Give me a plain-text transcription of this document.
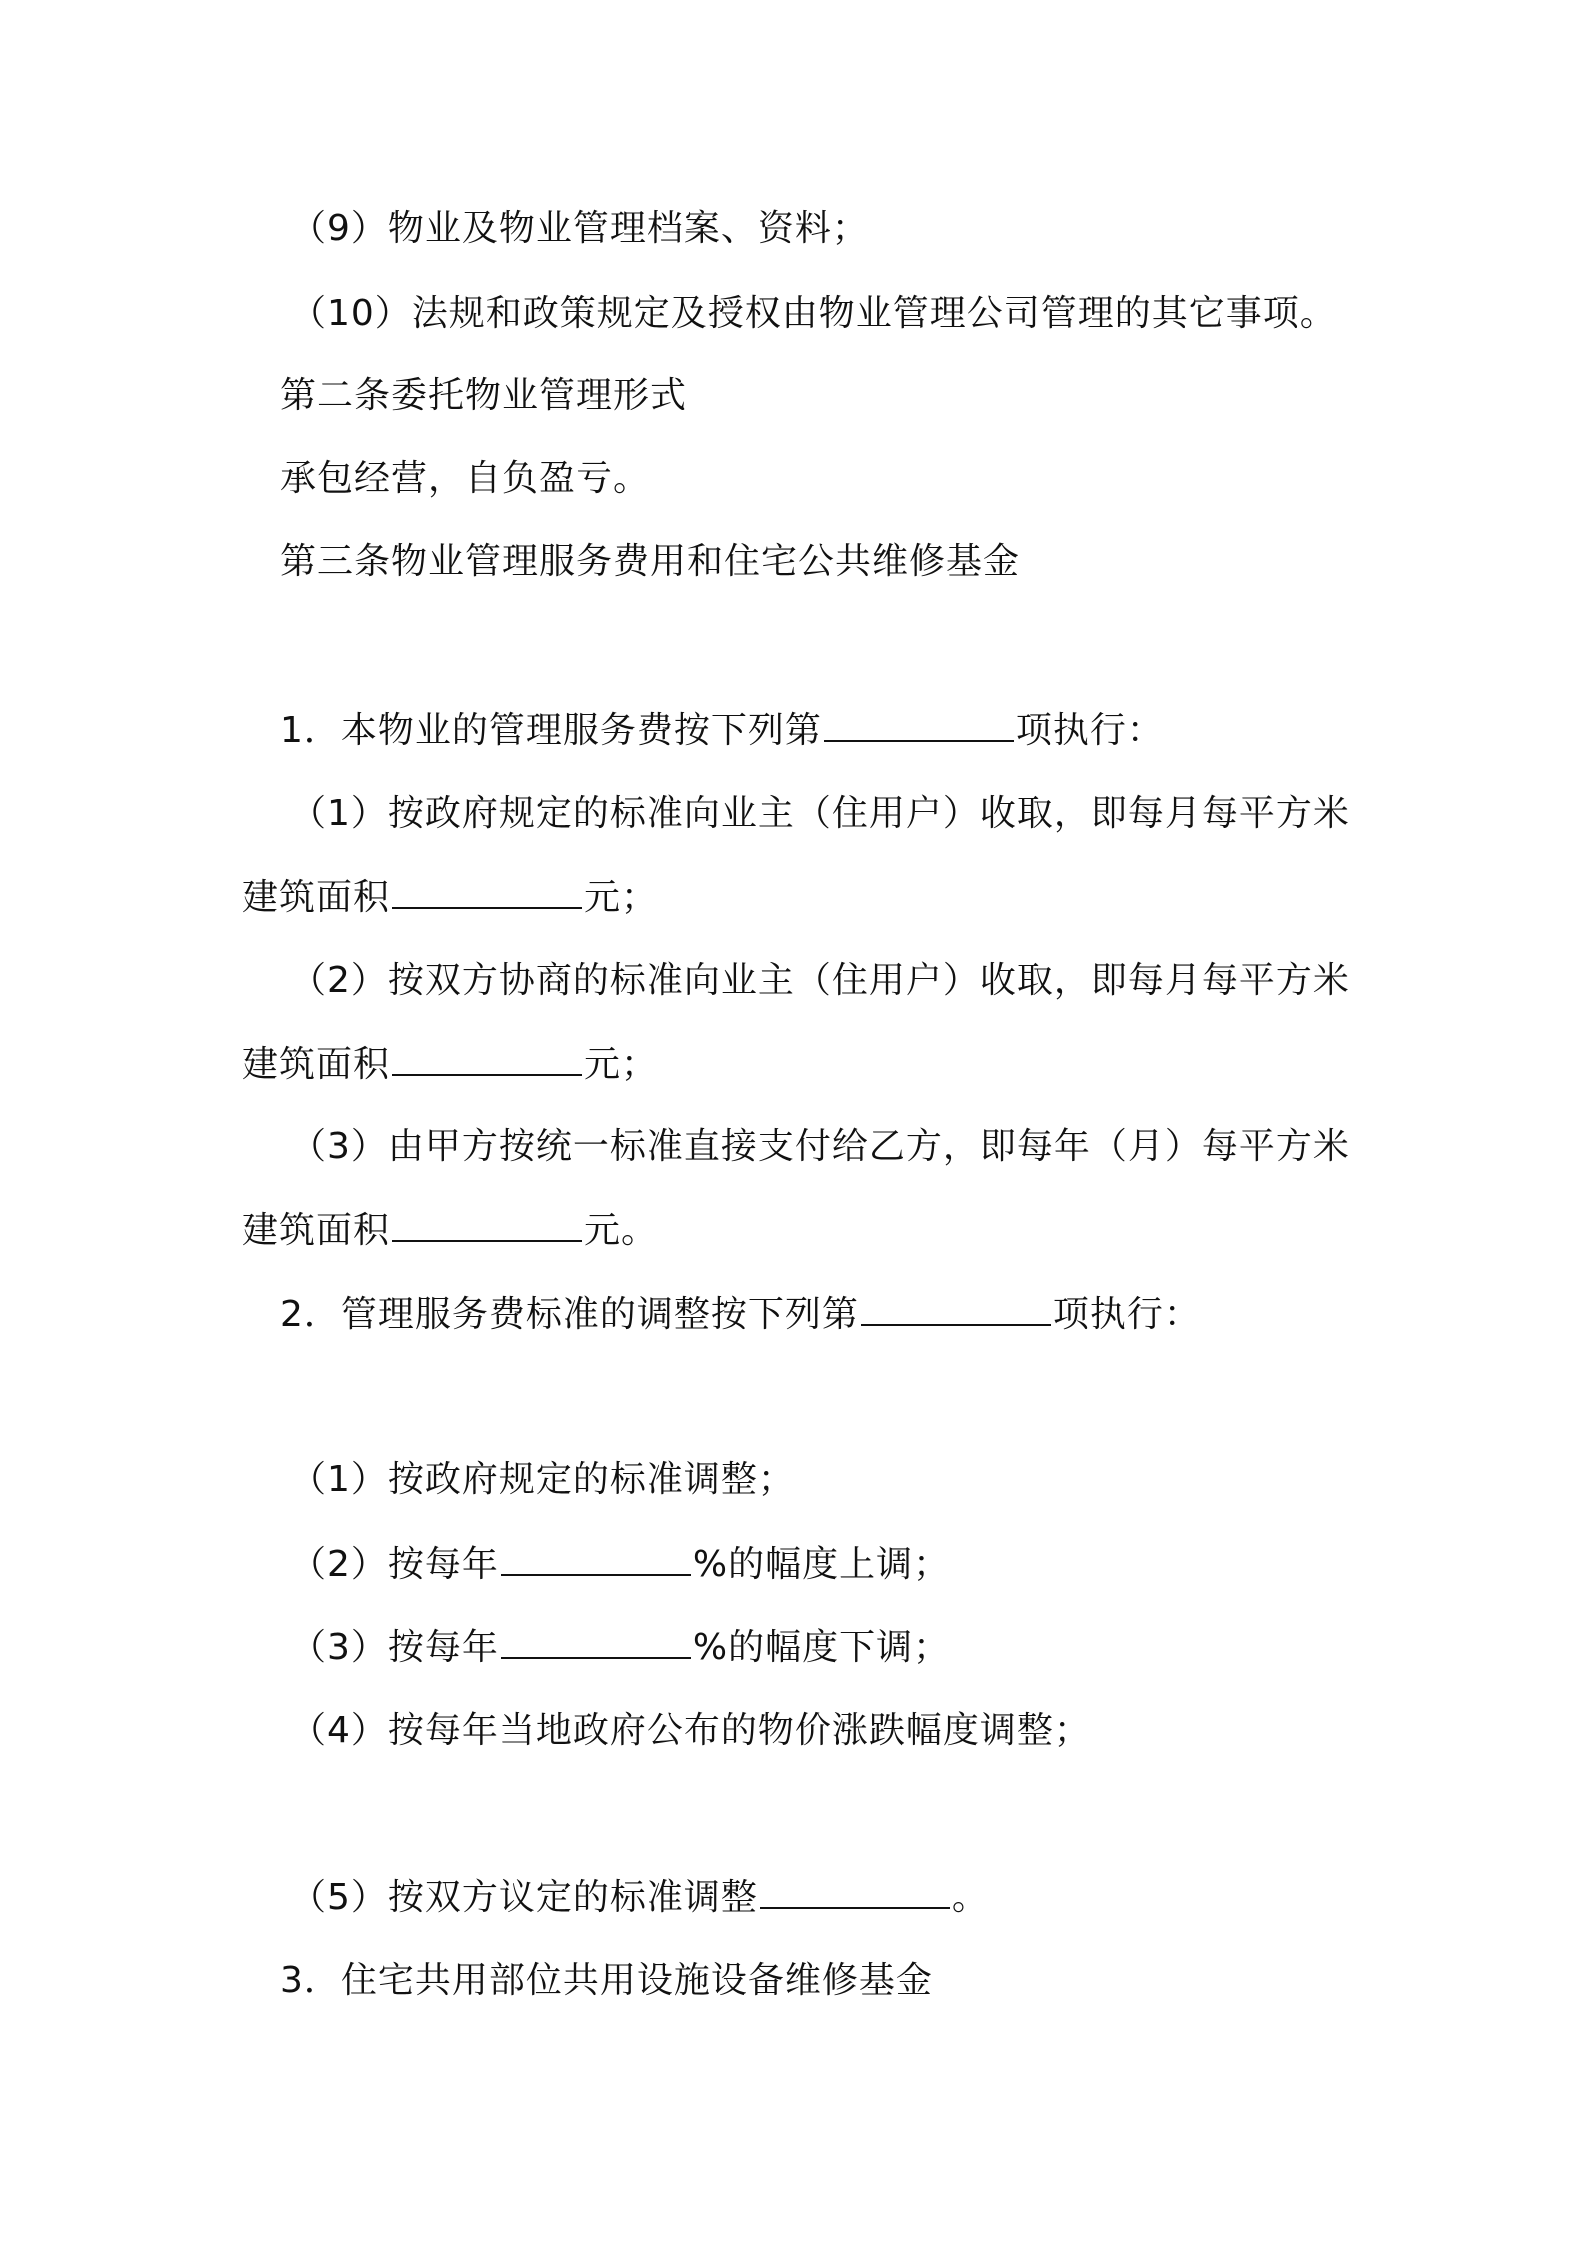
（9）物业及物业管理档案、资料；
（10）法规和政策规定及授权由物业管理公司管理的其它事项。
第二条委托物业管理形式
承包经营，自负盈亏。
第三条物业管理服务费用和住宅公共维修基金
1．本物业的管理服务费按下列第	项执行：
（1）按政府规定的标准向业主（住用户）收取，即每月每平方米
建筑面积	元；
（2）按双方协商的标准向业主（住用户）收取，即每月每平方米
建筑面积	元；
（3）由甲方按统一标准直接支付给乙方，即每年（月）每平方米
建筑面积	元。
2．管理服务费标准的调整按下列第	项执行：
（1）按政府规定的标准调整；
（2）按每年	%的幅度上调；
（3）按每年	%的幅度下调；
（4）按每年当地政府公布的物价涨跌幅度调整；
（5）按双方议定的标准调整	。
3．住宅共用部位共用设施设备维修基金
